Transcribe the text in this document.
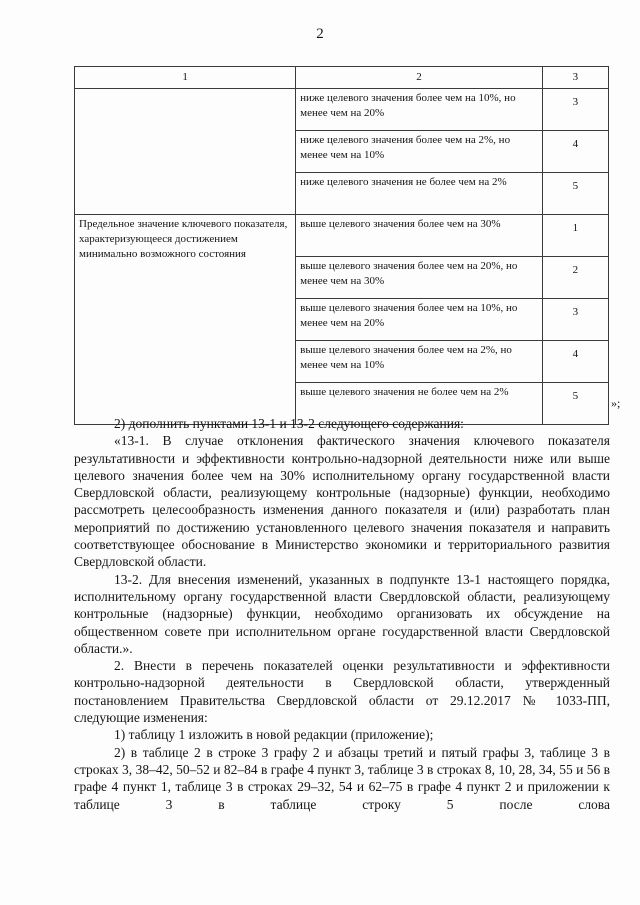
2
1	2	3
	ниже целевого значения более чем на 10%, но менее чем на 20%	3
	ниже целевого значения более чем на 2%, но менее чем на 10%	4
	ниже целевого значения не более чем на 2%	5
Предельное значение ключевого показателя, характеризующееся достижением минимально возможного состояния	выше целевого значения более чем на 30%	1
	выше целевого значения более чем на 20%, но менее чем на 30%	2
	выше целевого значения более чем на 10%, но менее чем на 20%	3
	выше целевого значения более чем на 2%, но менее чем на 10%	4
	выше целевого значения не более чем на 2%	5	»;

2) дополнить пунктами 13-1 и 13-2 следующего содержания:

«13-1. В случае отклонения фактического значения ключевого показателя результативности и эффективности контрольно-надзорной деятельности ниже или выше целевого значения более чем на 30% исполнительному органу государственной власти Свердловской области, реализующему контрольные (надзорные) функции, необходимо рассмотреть целесообразность изменения данного показателя и (или) разработать план мероприятий по достижению установленного целевого значения показателя и направить соответствующее обоснование в Министерство экономики и территориального развития Свердловской области.

13-2. Для внесения изменений, указанных в подпункте 13-1 настоящего порядка, исполнительному органу государственной власти Свердловской области, реализующему контрольные (надзорные) функции, необходимо организовать их обсуждение на общественном совете при исполнительном органе государственной власти Свердловской области.».

2. Внести в перечень показателей оценки результативности и эффективности контрольно-надзорной деятельности в Свердловской области, утвержденный постановлением Правительства Свердловской области от 29.12.2017 № 1033-ПП, следующие изменения:

1) таблицу 1 изложить в новой редакции (приложение);

2) в таблице 2 в строке 3 графу 2 и абзацы третий и пятый графы 3, таблице 3 в строках 3, 38–42, 50–52 и 82–84 в графе 4 пункт 3, таблице 3 в строках 8, 10, 28, 34, 55 и 56 в графе 4 пункт 1, таблице 3 в строках 29–32, 54 и 62–75 в графе 4 пункт 2 и приложении к таблице 3 в таблице строку 5 после слова
